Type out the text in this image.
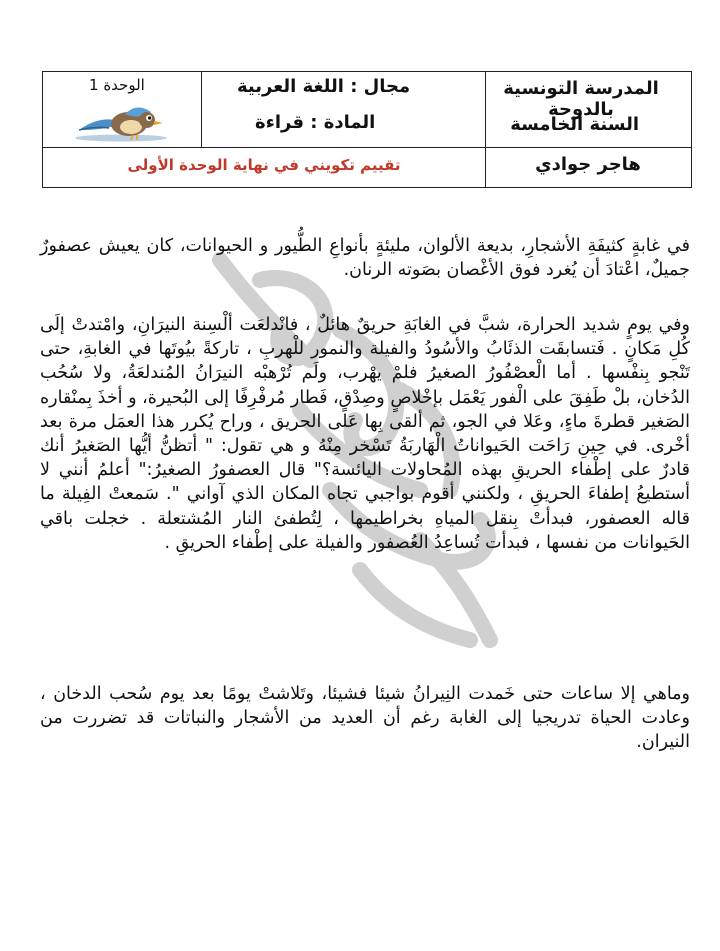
المدرسة التونسية بالدوحة
السنة الخامسة
مجال : اللغة العربية
المادة : قراءة
الوحدة 1
هاجر جوادي
تقييم تكويني في نهاية الوحدة الأولى

في غابةٍ كثيفَةِ الأشجارِ، بديعة الألوان، مليئةٍ بأنواعِ الطُّيور و الحيوانات، كان يعيش عصفورٌ جميلٌ، اعْتادَ أن يُغرد فوق الأغْصان بصَوته الرنان.

وفي يومٍ شديد الحرارة، شبَّ في الغابَةِ حريقٌ هائلٌ ، فانْدلعَت ألْسِنة النيرَانِ، وامْتدتْ إلَى كُلِ مَكانٍ . فَتسابقَت الذئَابُ والأسُودُ والفيلة والنمور للْهربِ ، تاركةً بيُوتَها في الغابةِ، حتى تَنْجو بِنفْسها . أما الْعصْفُورُ الصغيرُ فلمْ يهْرب، ولَم تُرْهبْه النيرَانُ المُندلعَةُ، ولا سُحُب الدُخان، بلْ طَفِقَ على الْفور يَعْمَل بإخْلاصٍ وصِدْقٍ، فَطار مُرفْرِفًا إلى البُحيرة، و أخذَ بِمنْقاره الصَغير قطرةَ ماءٍ، وعَلا في الجو، ثم ألقى بِها عَلى الحريق ، وراح يُكرر هذا العمَل مرة بعد أخْرى. في حِينِ رَاحَت الحَيواناتُ الْهَاربَةُ تَسْخر مِنْهُ و هي تقول: " أتظنُّ أيُّها الصَغيرُ أنك قادرٌ على إطْفاء الحريقِ بهذه المُحاولات اليائسة؟" قال العصفورُ الصغيرُ:" أعلمُ أنني لا أستطيعُ إطفاءَ الحريقِ ، ولكنني أقوم بواجبي تجاه المكان الذي آواني ". سَمعتْ الفِيلة ما قاله العصفور، فبدأتْ بِنقل المياهِ بخراطيمها ، لِتُطفئ النار المُشتعلة . خجلت باقي الحَيوانات من نفسها ، فبدأت تُساعِدُ العُصفور والفيلة على إطْفاء الحريقِ .

وماهي إلا ساعات حتى خَمدت النِيرانُ شيئا فشيئا، وتَلاشتْ يومًا بعد يوم سُحب الدخان ، وعادت الحياة تدريجيا إلى الغابة رغم أن العديد من الأشجار والنباتات قد تضررت من النيران.
